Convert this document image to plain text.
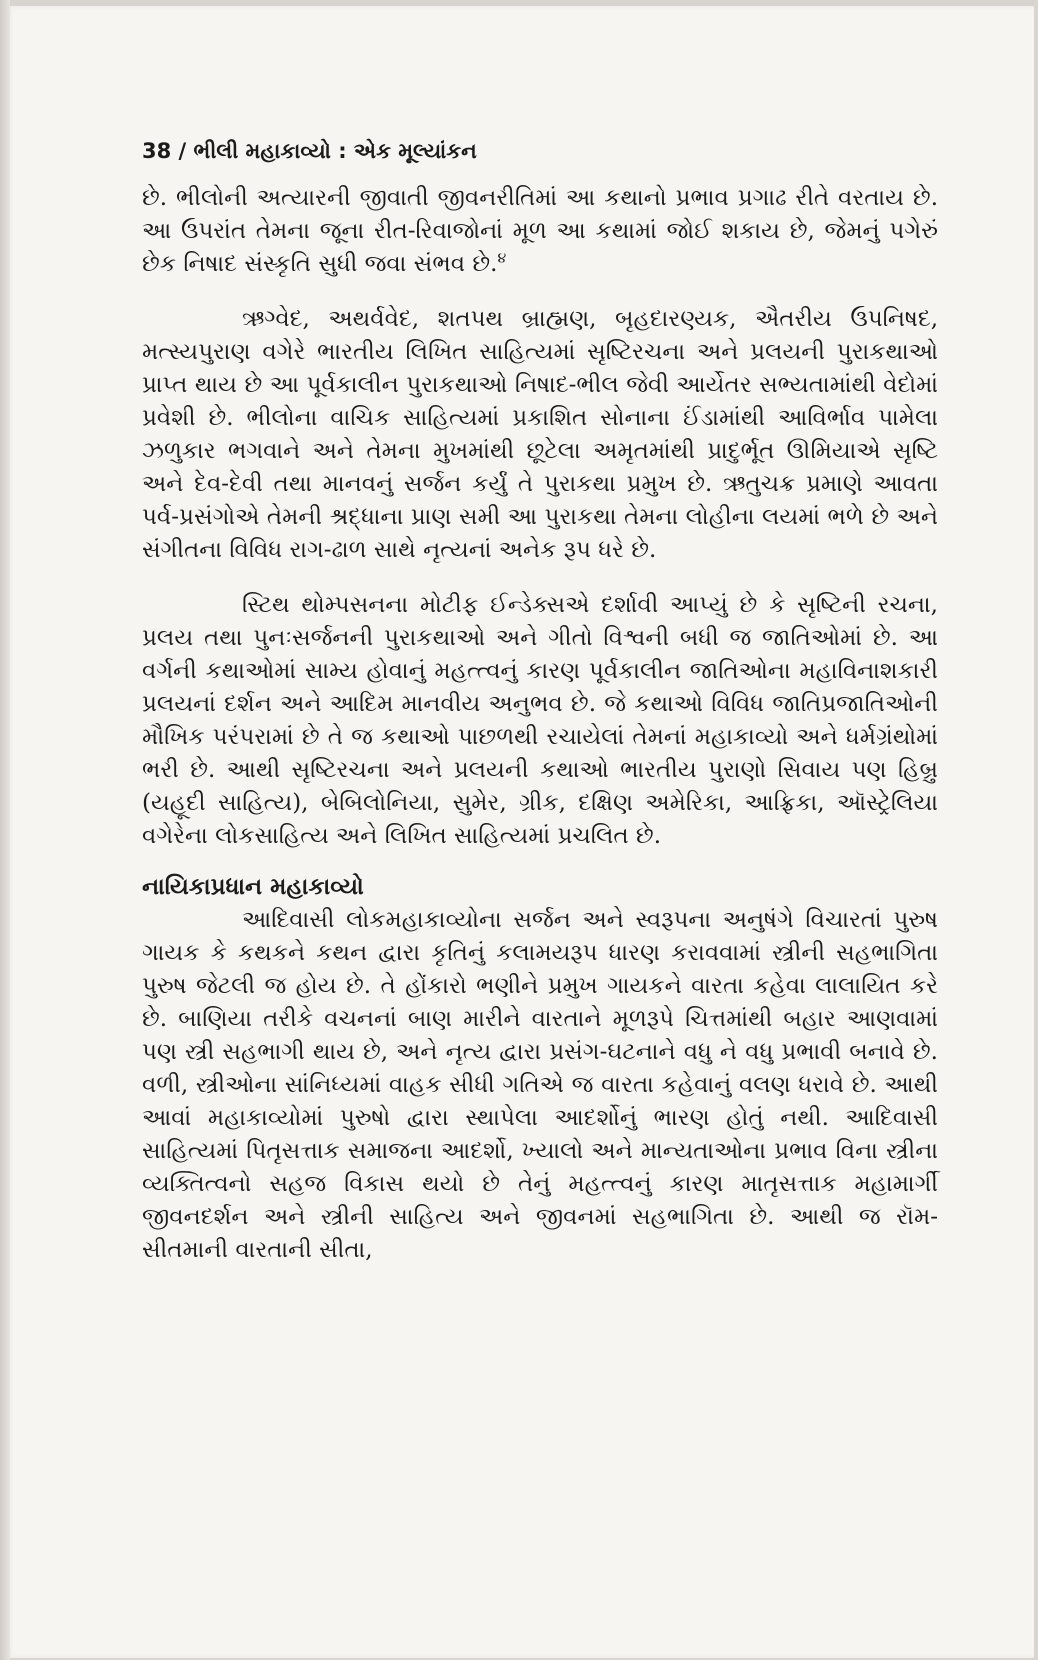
38 / ભીલી મહાકાવ્યો : એક મૂલ્યાંકન

છે. ભીલોની અત્યારની જીવાતી જીવનરીતિમાં આ કથાનો પ્રભાવ પ્રગાઢ રીતે વરતાય છે. આ ઉપરાંત તેમના જૂના રીત-રિવાજોનાં મૂળ આ કથામાં જોઈ શકાય છે, જેમનું પગેરું છેક નિષાદ સંસ્કૃતિ સુધી જવા સંભવ છે.$^૪$

ઋગ્વેદ, અથર્વવેદ, શતપથ બ્રાહ્મણ, બૃહદારણ્યક, ઐતરીય ઉપનિષદ, મત્સ્યપુરાણ વગેરે ભારતીય લિખિત સાહિત્યમાં સૃષ્ટિરચના અને પ્રલયની પુરાકથાઓ પ્રાપ્ત થાય છે આ પૂર્વકાલીન પુરાકથાઓ નિષાદ-ભીલ જેવી આર્યેતર સભ્યતામાંથી વેદોમાં પ્રવેશી છે. ભીલોના વાચિક સાહિત્યમાં પ્રકાશિત સોનાના ઈંડામાંથી આવિર્ભાવ પામેલા ઝળુકાર ભગવાને અને તેમના મુખમાંથી છૂટેલા અમૃતમાંથી પ્રાદુર્ભૂત ઊમિયાએ સૃષ્ટિ અને દેવ-દેવી તથા માનવનું સર્જન કર્યું તે પુરાકથા પ્રમુખ છે. ઋતુચક્ર પ્રમાણે આવતા પર્વ-પ્રસંગોએ તેમની શ્રદ્ધાના પ્રાણ સમી આ પુરાકથા તેમના લોહીના લયમાં ભળે છે અને સંગીતના વિવિધ રાગ-ઢાળ સાથે નૃત્યનાં અનેક રૂપ ધરે છે.

સ્ટિથ થોમ્પસનના મોટીફ ઈન્ડેક્સએ દર્શાવી આપ્યું છે કે સૃષ્ટિની રચના, પ્રલય તથા પુનઃસર્જનની પુરાકથાઓ અને ગીતો વિશ્વની બધી જ જાતિઓમાં છે. આ વર્ગની કથાઓમાં સામ્ય હોવાનું મહત્ત્વનું કારણ પૂર્વકાલીન જાતિઓના મહાવિનાશકારી પ્રલયનાં દર્શન અને આદિમ માનવીય અનુભવ છે. જે કથાઓ વિવિધ જાતિપ્રજાતિઓની મૌખિક પરંપરામાં છે તે જ કથાઓ પાછળથી રચાયેલાં તેમનાં મહાકાવ્યો અને ધર્મગ્રંથોમાં ભરી છે. આથી સૃષ્ટિરચના અને પ્રલયની કથાઓ ભારતીય પુરાણો સિવાય પણ હિબ્રુ (યહૂદી સાહિત્ય), બેબિલોનિયા, સુમેર, ગ્રીક, દક્ષિણ અમેરિકા, આફ્રિકા, ઑસ્ટ્રેલિયા વગેરેના લોકસાહિત્ય અને લિખિત સાહિત્યમાં પ્રચલિત છે.

નાયિકાપ્રધાન મહાકાવ્યો

આદિવાસી લોકમહાકાવ્યોના સર્જન અને સ્વરૂપના અનુષંગે વિચારતાં પુરુષ ગાયક કે કથકને કથન દ્વારા કૃતિનું કલામયરૂપ ધારણ કરાવવામાં સ્ત્રીની સહભાગિતા પુરુષ જેટલી જ હોય છે. તે હોંકારો ભણીને પ્રમુખ ગાયકને વારતા કહેવા લાલાયિત કરે છે. બાણિયા તરીકે વચનનાં બાણ મારીને વારતાને મૂળરૂપે ચિત્તમાંથી બહાર આણવામાં પણ સ્ત્રી સહભાગી થાય છે, અને નૃત્ય દ્વારા પ્રસંગ-ઘટનાને વધુ ને વધુ પ્રભાવી બનાવે છે. વળી, સ્ત્રીઓના સાંનિધ્યમાં વાહક સીધી ગતિએ જ વારતા કહેવાનું વલણ ધરાવે છે. આથી આવાં મહાકાવ્યોમાં પુરુષો દ્વારા સ્થાપેલા આદર્શોનું ભારણ હોતું નથી. આદિવાસી સાહિત્યમાં પિતૃસત્તાક સમાજના આદર્શો, ખ્યાલો અને માન્યતાઓના પ્રભાવ વિના સ્ત્રીના વ્યક્તિત્વનો સહજ વિકાસ થયો છે તેનું મહત્ત્વનું કારણ માતૃસત્તાક મહામાર્ગી જીવનદર્શન અને સ્ત્રીની સાહિત્ય અને જીવનમાં સહભાગિતા છે. આથી જ રૉમ-સીતમાની વારતાની સીતા,
